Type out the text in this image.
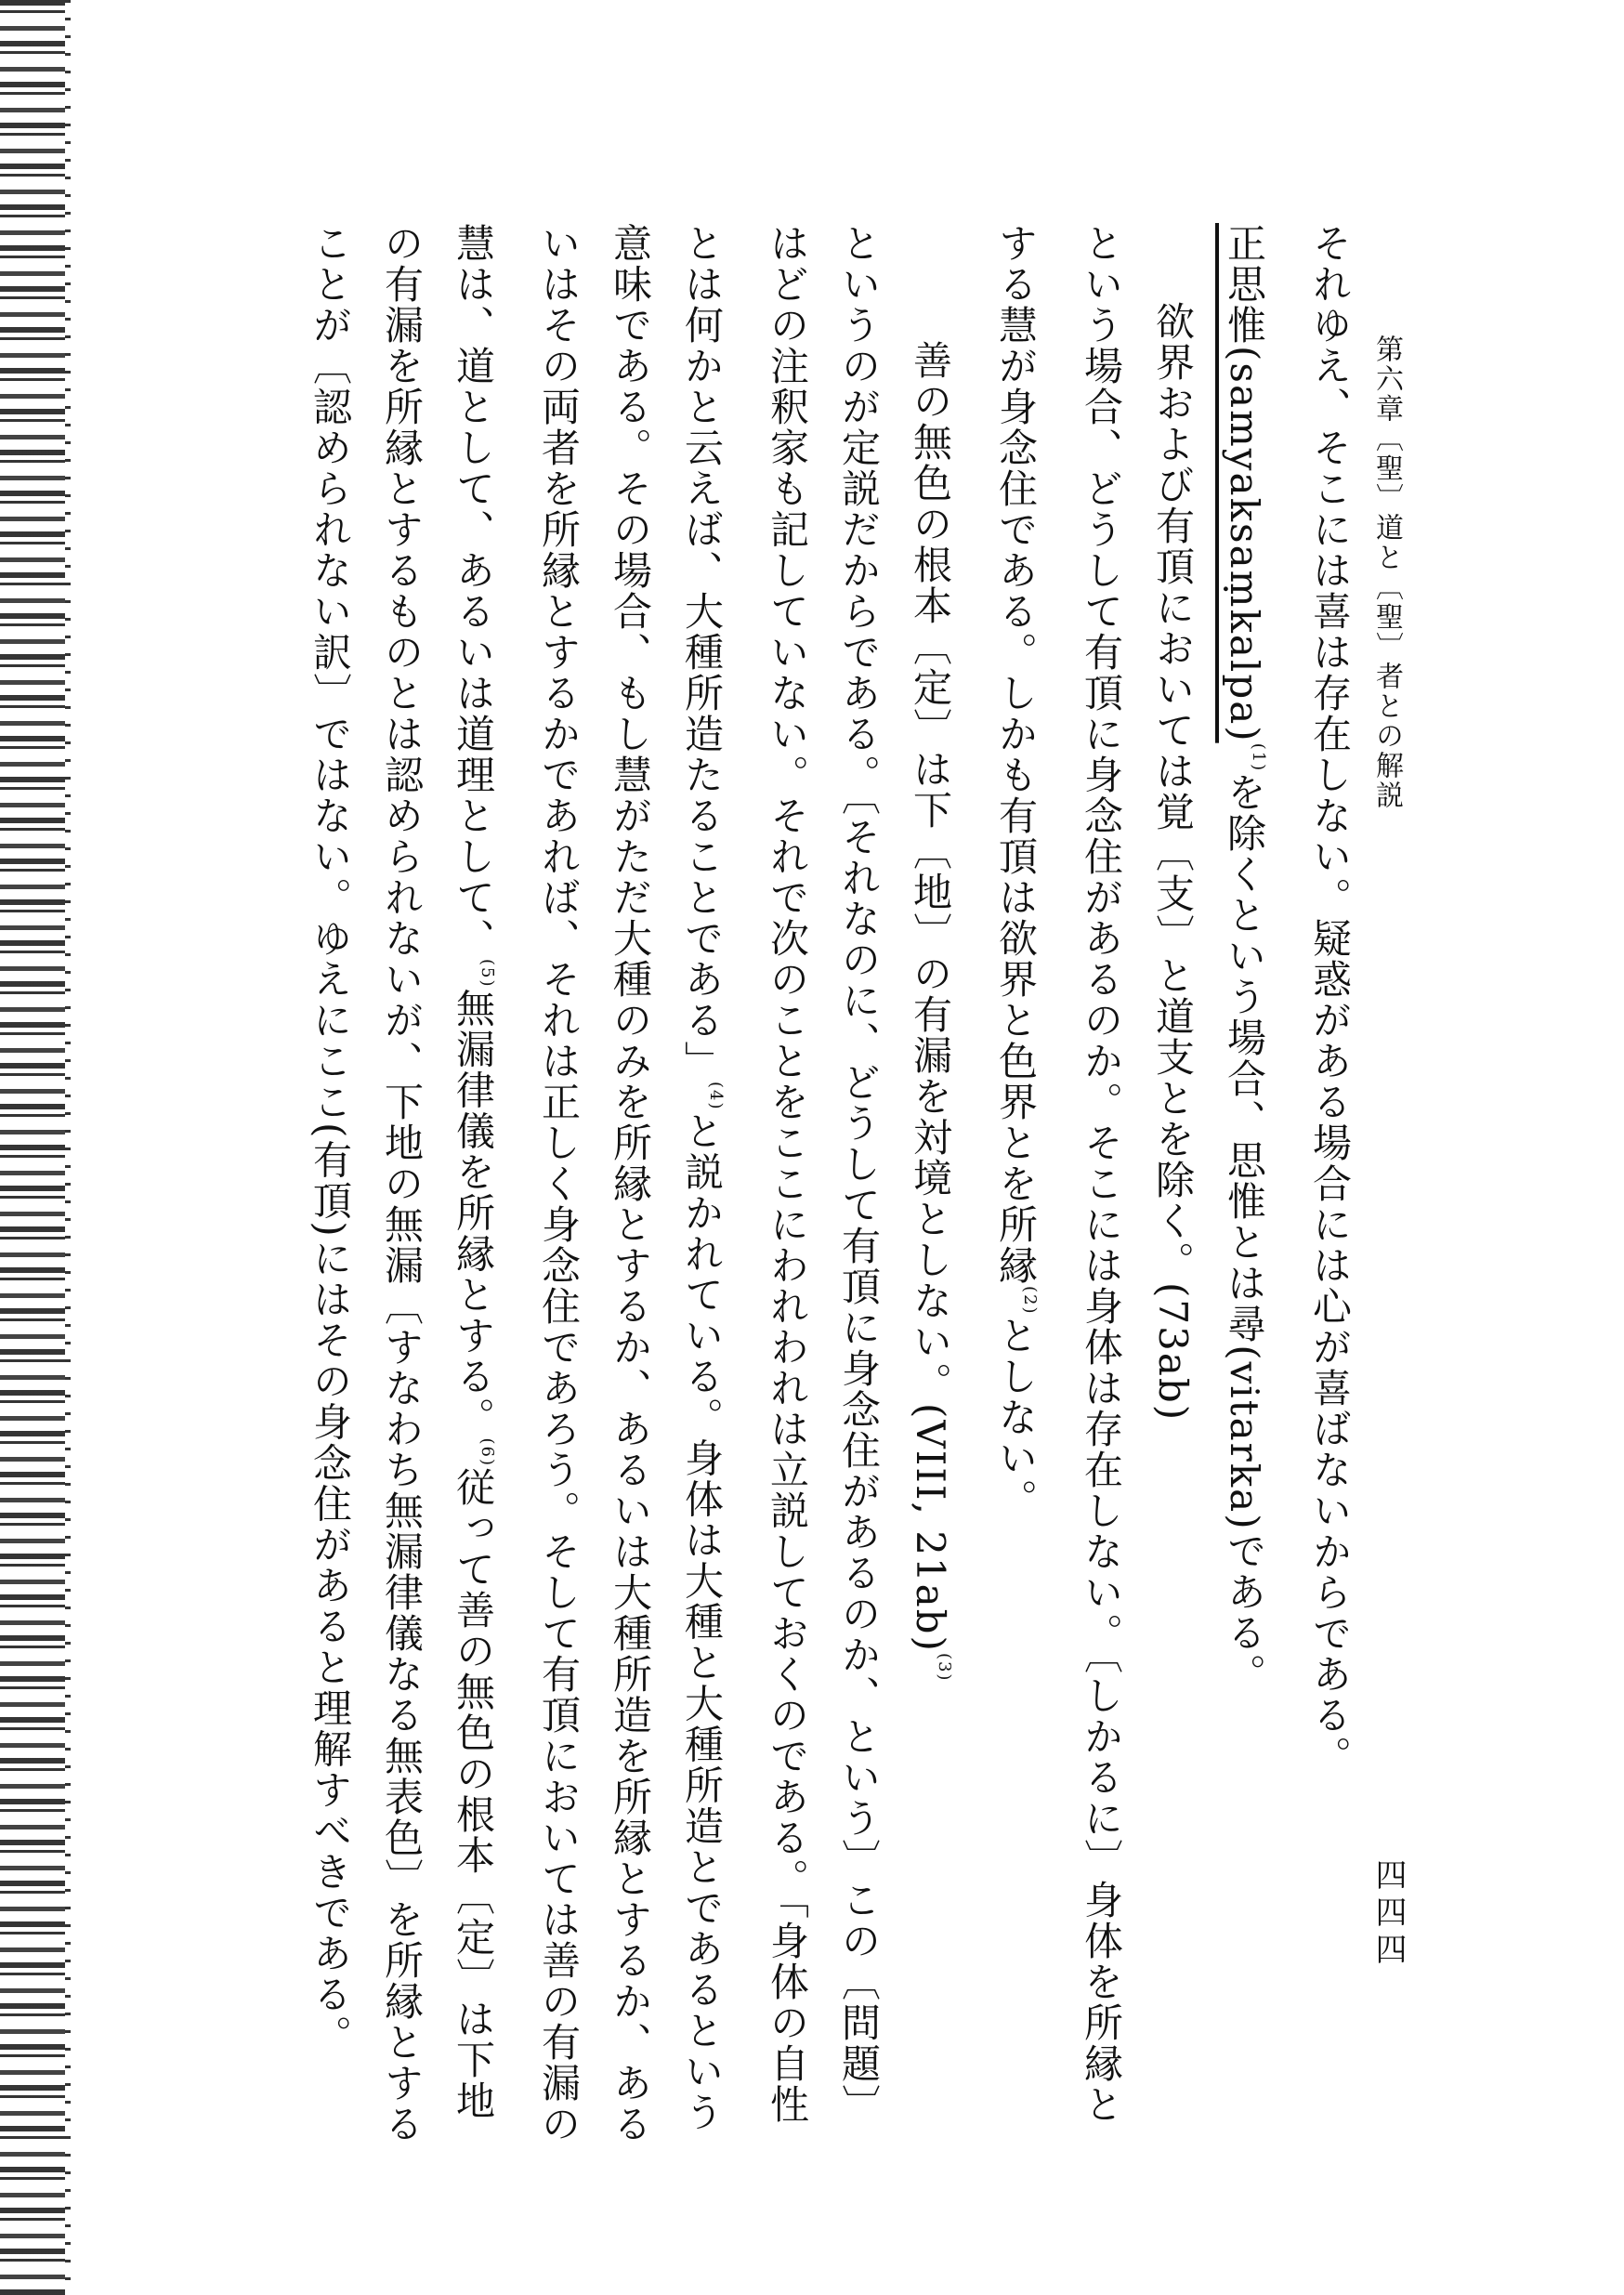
第六章〔聖〕道と〔聖〕者との解説
四四四

それゆえ、そこには喜は存在しない。疑惑がある場合には心が喜ばないからである。

正思惟(samyaksaṃkalpa)$^{(1)}$を除くという場合、思惟とは尋(vitarka)である。

欲界および有頂においては覚〔支〕と道支とを除く。(73ab)

という場合、どうして有頂に身念住があるのか。そこには身体は存在しない。〔しかるに〕身体を所縁とする慧が身念住である。しかも有頂は欲界と色界とを所縁$^{(2)}$としない。

善の無色の根本〔定〕は下〔地〕の有漏を対境としない。(VIII, 21ab)$^{(3)}$

というのが定説だからである。〔それなのに、どうして有頂に身念住があるのか、という〕この〔問題〕はどの注釈家も記していない。それで次のことをここにわれわれは立説しておくのである。「身体の自性とは何かと云えば、大種所造たることである」$^{(4)}$と説かれている。身体は大種と大種所造とであるという意味である。その場合、もし慧がただ大種のみを所縁とするか、あるいは大種所造を所縁とするか、あるいはその両者を所縁とするかであれば、それは正しく身念住であろう。そして有頂においては善の有漏の慧は、道として、あるいは道理として、$^{(5)}$無漏律儀を所縁とする。$^{(6)}$従って善の無色の根本〔定〕は下地の有漏を所縁とするものとは認められないが、下地の無漏〔すなわち無漏律儀なる無表色〕を所縁とすることが〔認められない訳〕ではない。ゆえにここ(有頂)にはその身念住があると理解すべきである。
